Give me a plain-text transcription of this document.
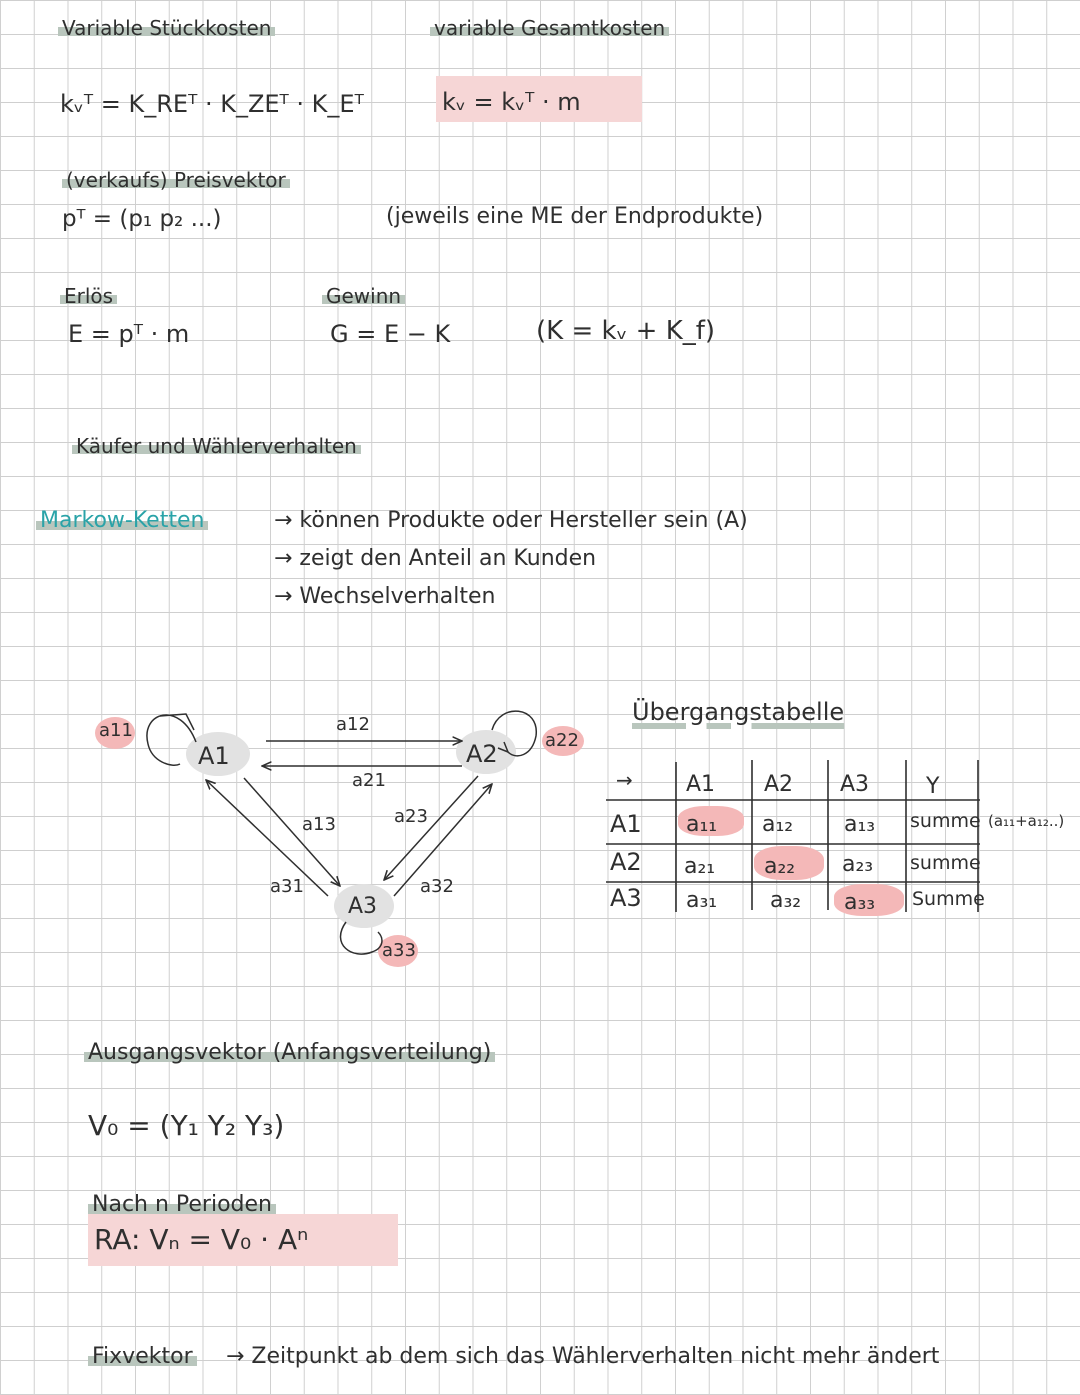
Variable Stückkosten	variable Gesamtkosten
kᵥᵀ = K_REᵀ · K_ZEᵀ · K_Eᵀ	kᵥ = kᵥᵀ · m
(verkaufs) Preisvektor
pᵀ = (p₁ p₂ ...)	(jeweils eine ME der Endprodukte)
Erlös
E = pᵀ · m
Gewinn
G = E − K	(K = kᵥ + K_f)
Käufer und Wählerverhalten
Markow-Ketten	→ können Produkte oder Hersteller sein (A)
→ zeigt den Anteil an Kunden
→ Wechselverhalten
A1	A2
A3
a11	a12
a21
a22
a13	a23
a31	a32
a33
Übergangstabelle
→ A1 A2 A3	Y
A1 a₁₁ a₁₂ a₁₃ summe (a₁₁+a₁₂..)
A2 a₂₁ a₂₂ a₂₃ summe
A3 a₃₁ a₃₂ a₃₃ Summe
Ausgangsvektor (Anfangsverteilung)
V₀ = (Y₁ Y₂ Y₃)
Nach n Perioden
RA: Vₙ = V₀ · Aⁿ
Fixvektor → Zeitpunkt ab dem sich das Wählerverhalten nicht mehr ändert
